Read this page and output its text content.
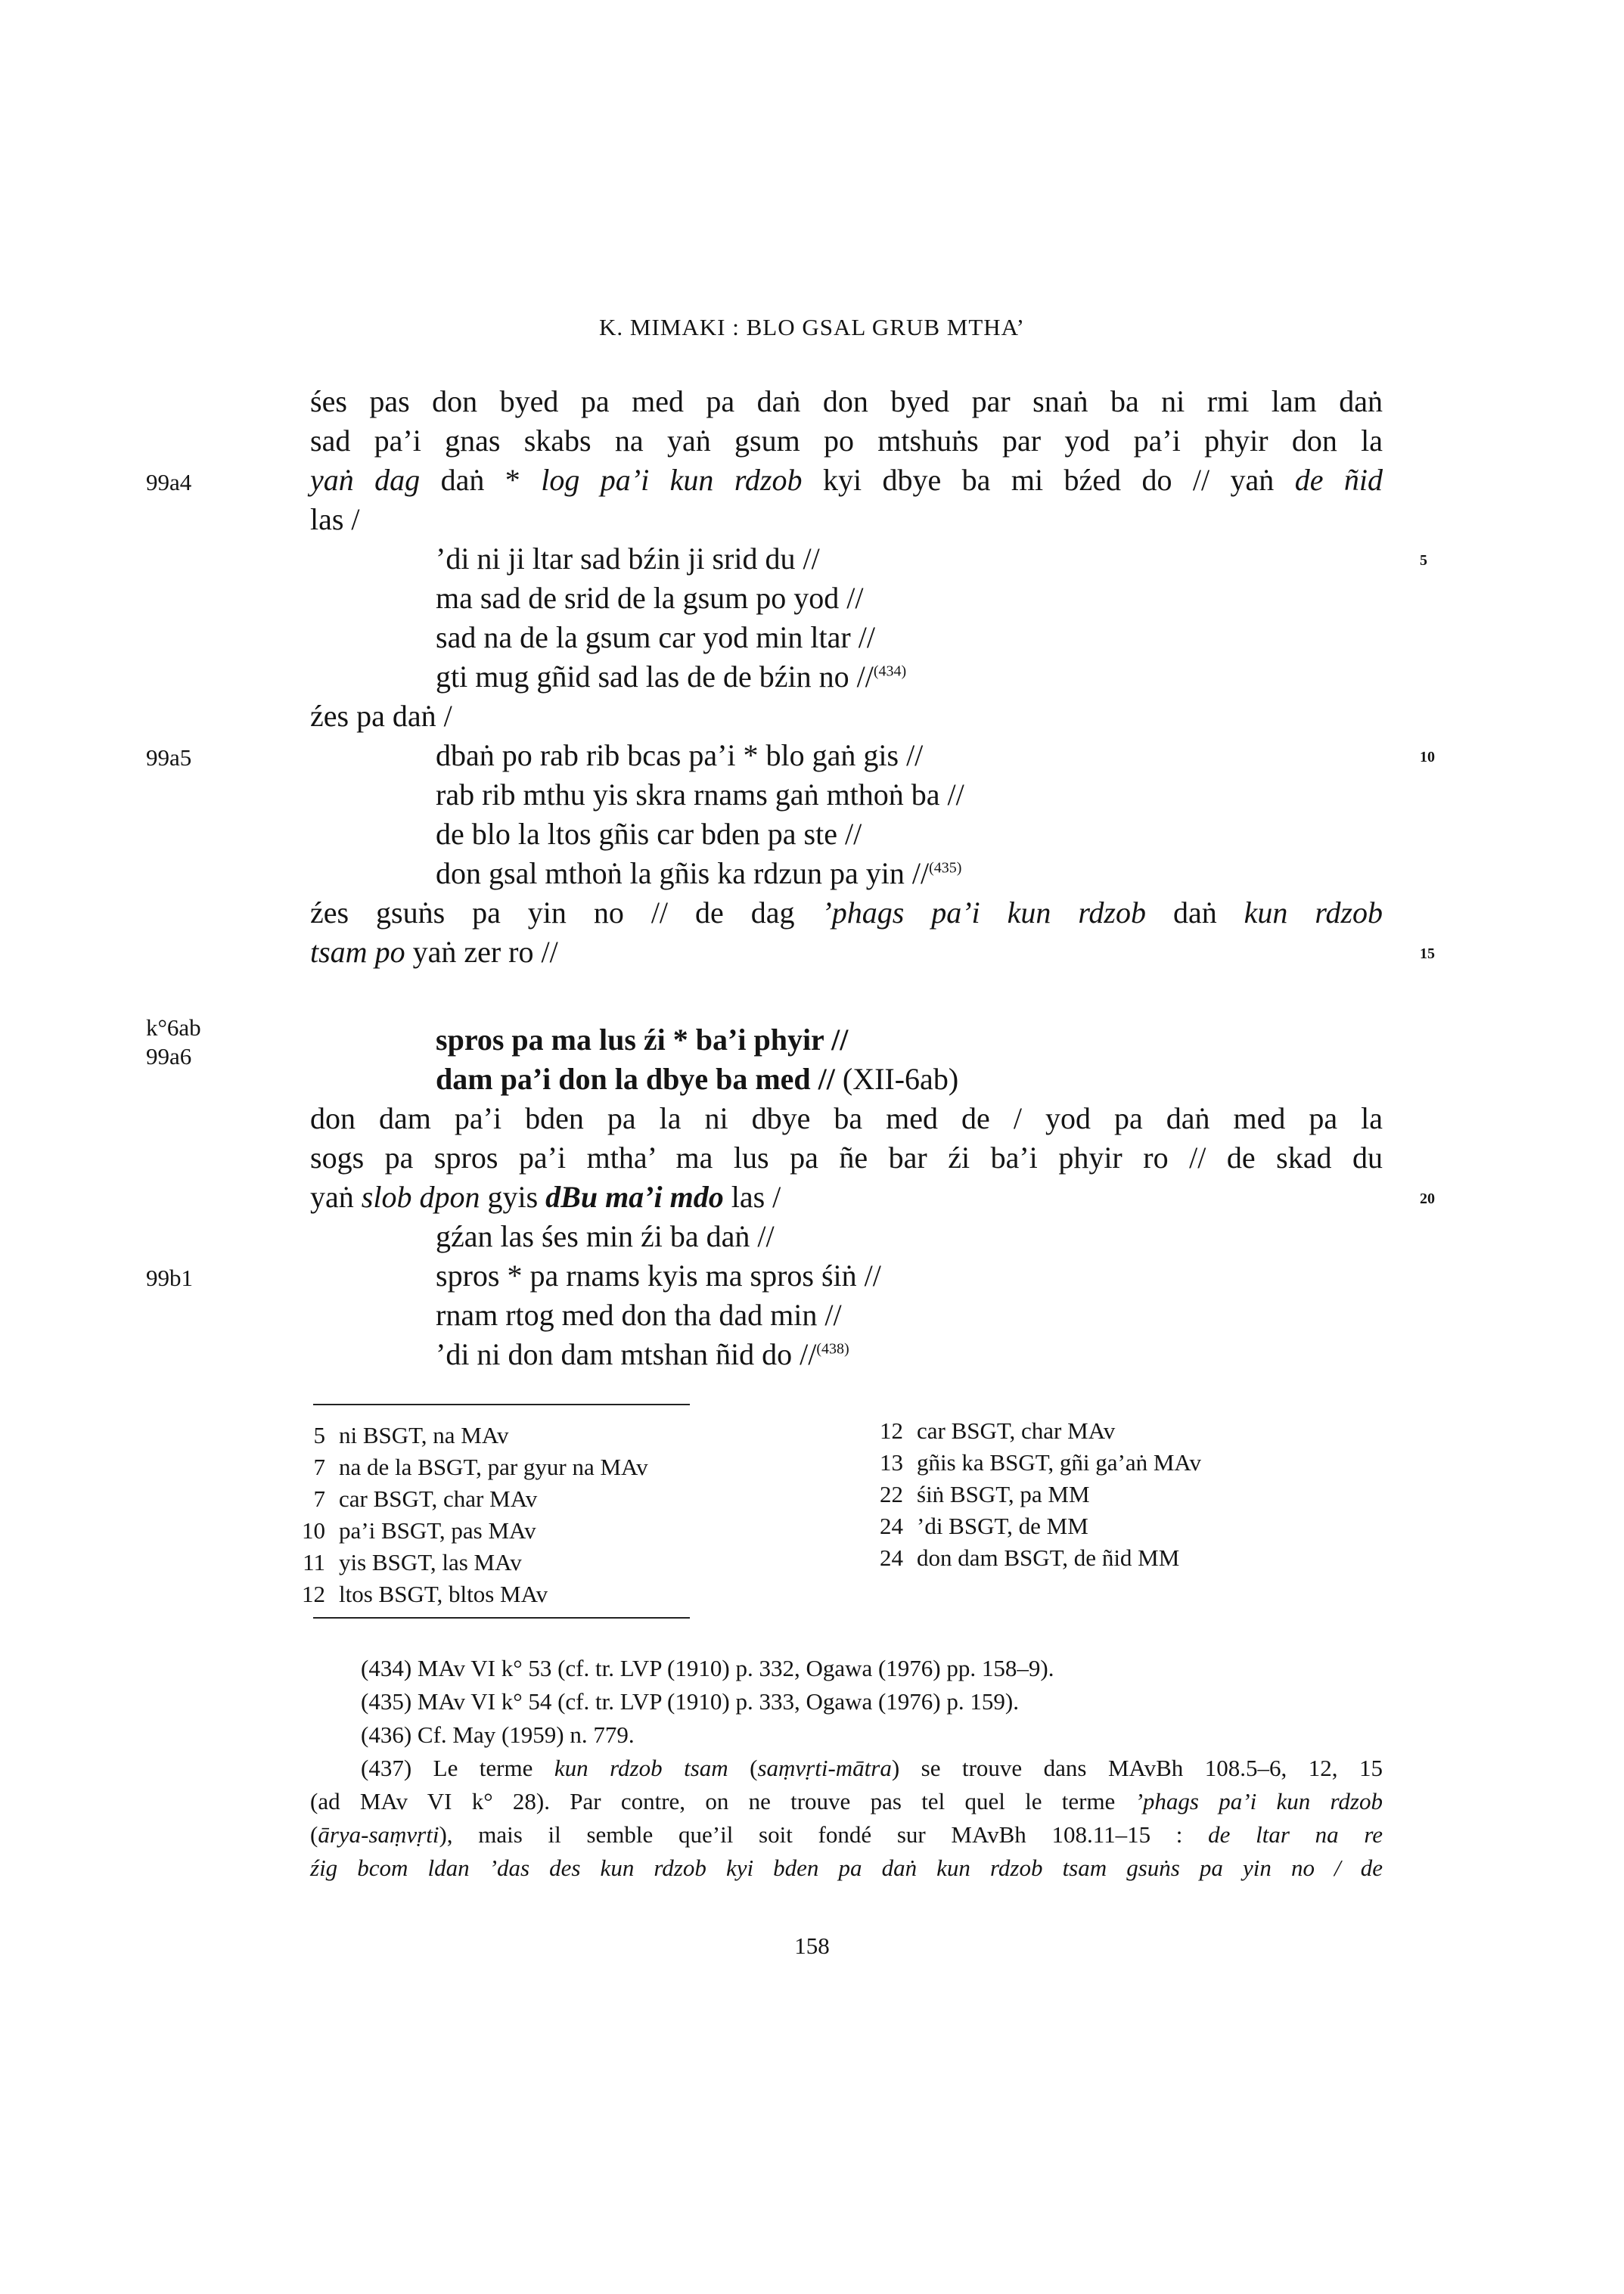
K. MIMAKI : BLO GSAL GRUB MTHA’
śes pas don byed pa med pa daṅ don byed par snaṅ ba ni rmi lam daṅ
sad pa’i gnas skabs na yaṅ gsum po mtshuṅs par yod pa’i phyir don la
yaṅ dag daṅ * log pa’i kun rdzob kyi dbye ba mi bźed do // yaṅ de ñid
las /
’di ni ji ltar sad bźin ji srid du //
ma sad de srid de la gsum po yod //
sad na de la gsum car yod min ltar //
gti mug gñid sad las de de bźin no //$^{(434)}$
źes pa daṅ /
dbaṅ po rab rib bcas pa’i * blo gaṅ gis //
rab rib mthu yis skra rnams gaṅ mthoṅ ba //
de blo la ltos gñis car bden pa ste //
don gsal mthoṅ la gñis ka rdzun pa yin //$^{(435)}$
źes gsuṅs pa yin no // de dag ’phags pa’i kun rdzob daṅ kun rdzob
tsam po yaṅ zer ro //
spros pa ma lus źi * ba’i phyir //
dam pa’i don la dbye ba med // (XII-6ab)
don dam pa’i bden pa la ni dbye ba med de / yod pa daṅ med pa la
sogs pa spros pa’i mtha’ ma lus pa ñe bar źi ba’i phyir ro // de skad du
yaṅ slob dpon gyis dBu ma’i mdo las /
gźan las śes min źi ba daṅ //
spros * pa rnams kyis ma spros śiṅ //
rnam rtog med don tha dad min //
’di ni don dam mtshan ñid do //$^{(438)}$
99a4
99a5
k°6ab
99a6
99b1
5
10
15
20
5 ni BSGT, na MAv
7 na de la BSGT, par gyur na MAv
7 car BSGT, char MAv
10 pa’i BSGT, pas MAv
11 yis BSGT, las MAv
12 ltos BSGT, bltos MAv
12 car BSGT, char MAv
13 gñis ka BSGT, gñi ga’aṅ MAv
22 śiṅ BSGT, pa MM
24 ’di BSGT, de MM
24 don dam BSGT, de ñid MM
(434) MAv VI k° 53 (cf. tr. LVP (1910) p. 332, Ogawa (1976) pp. 158–9).
(435) MAv VI k° 54 (cf. tr. LVP (1910) p. 333, Ogawa (1976) p. 159).
(436) Cf. May (1959) n. 779.
(437) Le terme kun rdzob tsam (saṃvṛti-mātra) se trouve dans MAvBh 108.5–6, 12, 15
(ad MAv VI k° 28). Par contre, on ne trouve pas tel quel le terme ’phags pa’i kun rdzob
(ārya-saṃvṛti), mais il semble que’il soit fondé sur MAvBh 108.11–15 : de ltar na re
źig bcom ldan ’das des kun rdzob kyi bden pa daṅ kun rdzob tsam gsuṅs pa yin no / de
158
